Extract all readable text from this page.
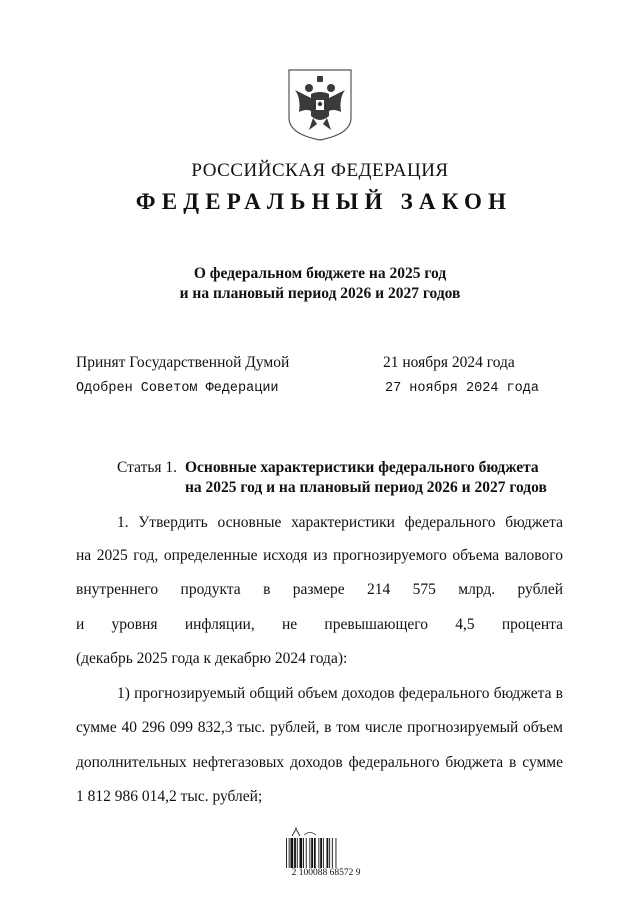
РОССИЙСКАЯ ФЕДЕРАЦИЯ
ФЕДЕРАЛЬНЫЙ ЗАКОН
О федеральном бюджете на 2025 год
и на плановый период 2026 и 2027 годов
Принят Государственной Думой	21 ноября 2024 года
Одобрен Советом Федерации	27 ноября 2024 года
Статья 1. Основные характеристики федерального бюджета
на 2025 год и на плановый период 2026 и 2027 годов
1. Утвердить основные характеристики федерального бюджета
на 2025 год, определенные исходя из прогнозируемого объема валового
внутреннего продукта в размере 214 575 млрд. рублей
и уровня инфляции, не превышающего 4,5 процента
(декабрь 2025 года к декабрю 2024 года):
1) прогнозируемый общий объем доходов федерального бюджета в
сумме 40 296 099 832,3 тыс. рублей, в том числе прогнозируемый объем
дополнительных нефтегазовых доходов федерального бюджета в сумме
1 812 986 014,2 тыс. рублей;
2 100088 68572 9
